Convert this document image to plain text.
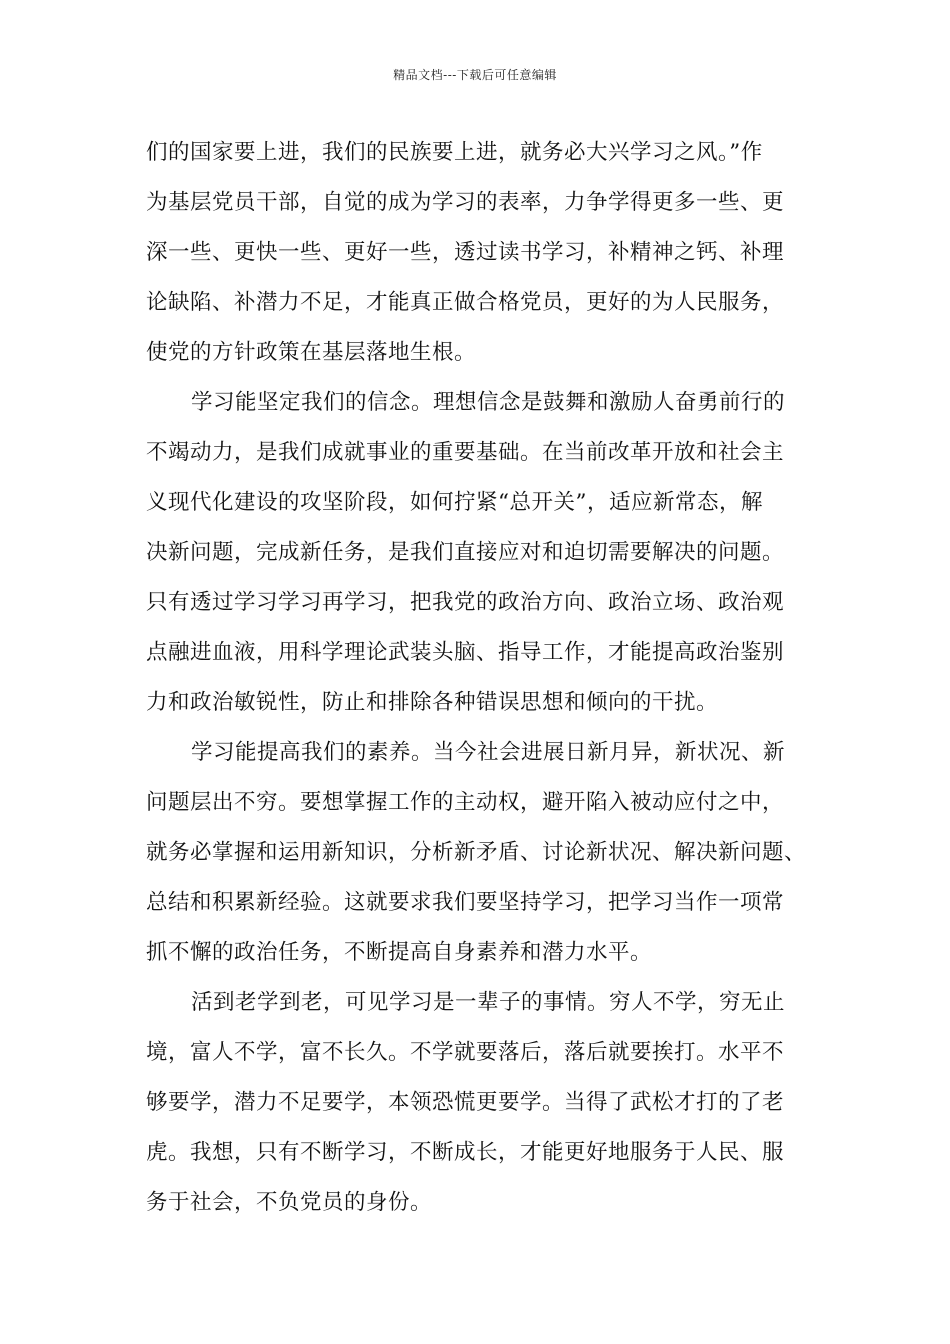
精品文档---下载后可任意编辑
们的国家要上进，我们的民族要上进，就务必大兴学习之风。”作
为基层党员干部，自觉的成为学习的表率，力争学得更多一些、更
深一些、更快一些、更好一些，透过读书学习，补精神之钙、补理
论缺陷、补潜力不足，才能真正做合格党员，更好的为人民服务，
使党的方针政策在基层落地生根。
学习能坚定我们的信念。理想信念是鼓舞和激励人奋勇前行的
不竭动力，是我们成就事业的重要基础。在当前改革开放和社会主
义现代化建设的攻坚阶段，如何拧紧“总开关”，适应新常态，解
决新问题，完成新任务，是我们直接应对和迫切需要解决的问题。
只有透过学习学习再学习，把我党的政治方向、政治立场、政治观
点融进血液，用科学理论武装头脑、指导工作，才能提高政治鉴别
力和政治敏锐性，防止和排除各种错误思想和倾向的干扰。
学习能提高我们的素养。当今社会进展日新月异，新状况、新
问题层出不穷。要想掌握工作的主动权，避开陷入被动应付之中，
就务必掌握和运用新知识，分析新矛盾、讨论新状况、解决新问题、
总结和积累新经验。这就要求我们要坚持学习，把学习当作一项常
抓不懈的政治任务，不断提高自身素养和潜力水平。
活到老学到老，可见学习是一辈子的事情。穷人不学，穷无止
境，富人不学，富不长久。不学就要落后，落后就要挨打。水平不
够要学，潜力不足要学，本领恐慌更要学。当得了武松才打的了老
虎。我想，只有不断学习，不断成长，才能更好地服务于人民、服
务于社会，不负党员的身份。
